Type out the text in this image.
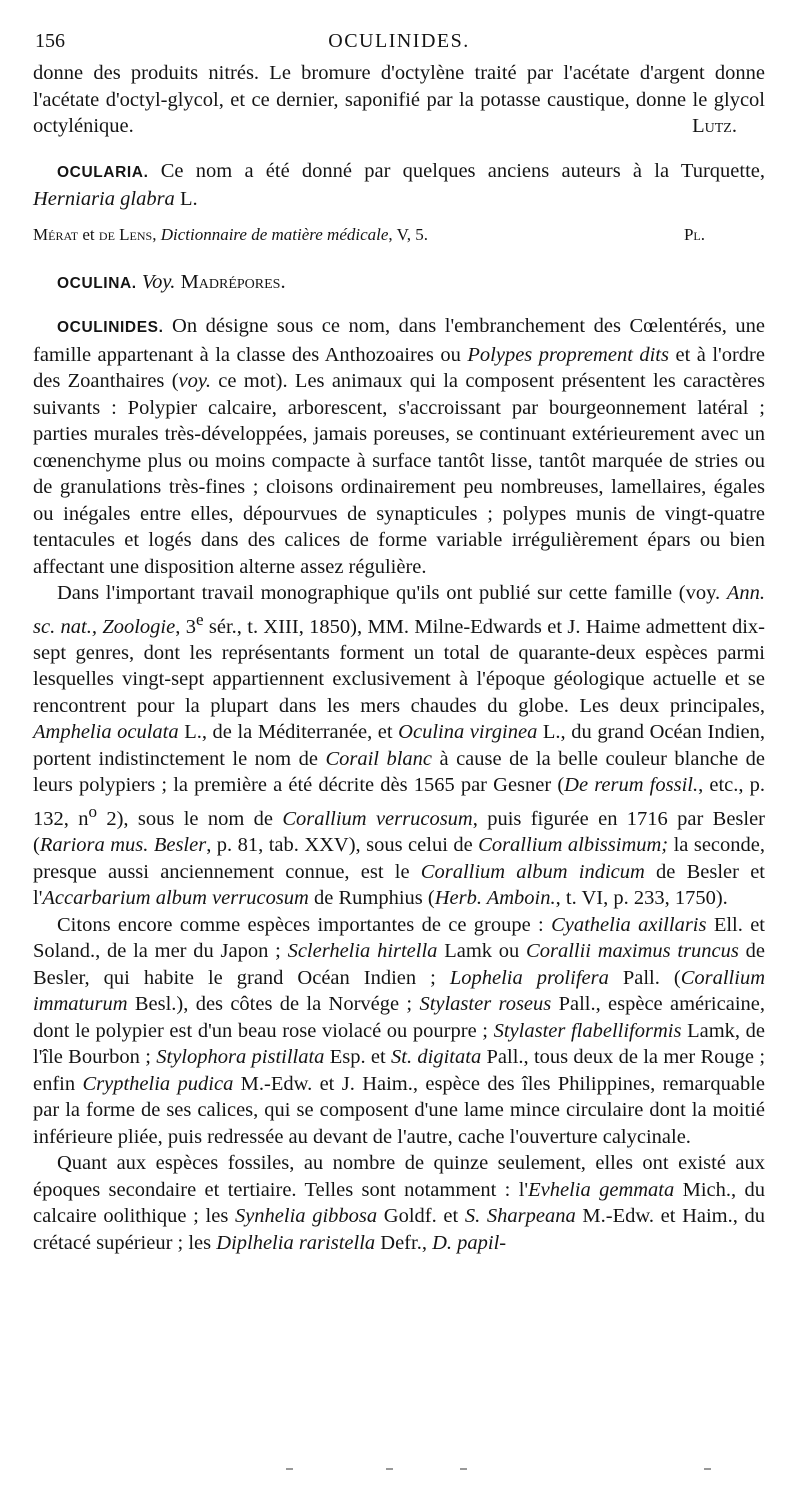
156	OCULINIDES.

donne des produits nitrés. Le bromure d'octylène traité par l'acétate d'argent donne l'acétate d'octyl-glycol, et ce dernier, saponifié par la potasse caustique, donne le glycol octylénique.	Lutz.

OCULARIA. Ce nom a été donné par quelques anciens auteurs à la Turquette, Herniaria glabra L.

Pl.
Mérat et de Lens, Dictionnaire de matière médicale, V, 5.

OCULINA. Voy. Madrépores.

OCULINIDES. On désigne sous ce nom, dans l'embranchement des Cœlentérés, une famille appartenant à la classe des Anthozoaires ou Polypes proprement dits et à l'ordre des Zoanthaires (voy. ce mot). Les animaux qui la composent présentent les caractères suivants : Polypier calcaire, arborescent, s'accroissant par bourgeonnement latéral ; parties murales très-développées, jamais poreuses, se continuant extérieurement avec un cœnenchyme plus ou moins compacte à surface tantôt lisse, tantôt marquée de stries ou de granulations très-fines ; cloisons ordinairement peu nombreuses, lamellaires, égales ou inégales entre elles, dépourvues de synapticules ; polypes munis de vingt-quatre tentacules et logés dans des calices de forme variable irrégulièrement épars ou bien affectant une disposition alterne assez régulière.

Dans l'important travail monographique qu'ils ont publié sur cette famille (voy. Ann. sc. nat., Zoologie, 3e sér., t. XIII, 1850), MM. Milne-Edwards et J. Haime admettent dix-sept genres, dont les représentants forment un total de quarante-deux espèces parmi lesquelles vingt-sept appartiennent exclusivement à l'époque géologique actuelle et se rencontrent pour la plupart dans les mers chaudes du globe. Les deux principales, Amphelia oculata L., de la Méditerranée, et Oculina virginea L., du grand Océan Indien, portent indistinctement le nom de Corail blanc à cause de la belle couleur blanche de leurs polypiers ; la première a été décrite dès 1565 par Gesner (De rerum fossil., etc., p. 132, $n^o$ 2), sous le nom de Corallium verrucosum, puis figurée en 1716 par Besler (Rariora mus. Besler, p. 81, tab. XXV), sous celui de Corallium albissimum; la seconde, presque aussi anciennement connue, est le Corallium album indicum de Besler et l'Accarbarium album verrucosum de Rumphius (Herb. Amboin., t. VI, p. 233, 1750).

Citons encore comme espèces importantes de ce groupe : Cyathelia axillaris Ell. et Soland., de la mer du Japon ; Sclerhelia hirtella Lamk ou Corallii maximus truncus de Besler, qui habite le grand Océan Indien ; Lophelia prolifera Pall. (Corallium immaturum Besl.), des côtes de la Norvége ; Stylaster roseus Pall., espèce américaine, dont le polypier est d'un beau rose violacé ou pourpre ; Stylaster flabelliformis Lamk, de l'île Bourbon ; Stylophora pistillata Esp. et St. digitata Pall., tous deux de la mer Rouge ; enfin Crypthelia pudica M.-Edw. et J. Haim., espèce des îles Philippines, remarquable par la forme de ses calices, qui se composent d'une lame mince circulaire dont la moitié inférieure pliée, puis redressée au devant de l'autre, cache l'ouverture calycinale.

Quant aux espèces fossiles, au nombre de quinze seulement, elles ont existé aux époques secondaire et tertiaire. Telles sont notamment : l'Evhelia gemmata Mich., du calcaire oolithique ; les Synhelia gibbosa Goldf. et S. Sharpeana M.-Edw. et Haim., du crétacé supérieur ; les Diplhelia raristella Defr., D. papil-
